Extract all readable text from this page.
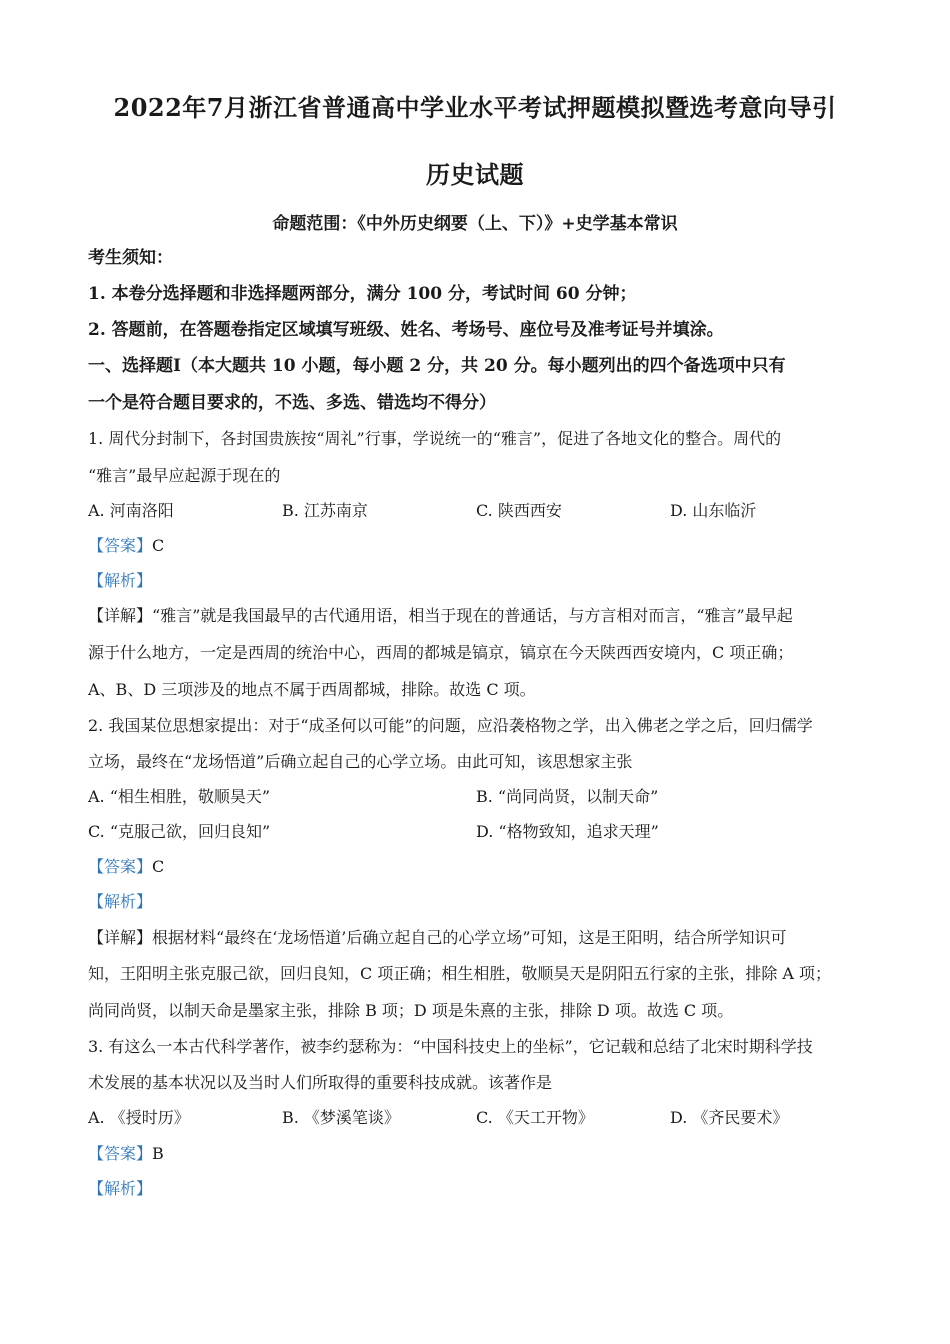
2022年7月浙江省普通高中学业水平考试押题模拟暨选考意向导引
历史试题
命题范围：《中外历史纲要（上、下）》+史学基本常识
考生须知：
1. 本卷分选择题和非选择题两部分，满分 100 分，考试时间 60 分钟；
2. 答题前，在答题卷指定区域填写班级、姓名、考场号、座位号及准考证号并填涂。
一、选择题Ⅰ（本大题共 10 小题，每小题 2 分，共 20 分。每小题列出的四个备选项中只有
一个是符合题目要求的，不选、多选、错选均不得分）
1. 周代分封制下，各封国贵族按“周礼”行事，学说统一的“雅言”，促进了各地文化的整合。周代的
“雅言”最早应起源于现在的
A. 河南洛阳	B. 江苏南京	C. 陕西西安	D. 山东临沂
【答案】C
【解析】
【详解】“雅言”就是我国最早的古代通用语，相当于现在的普通话，与方言相对而言，“雅言”最早起
源于什么地方，一定是西周的统治中心，西周的都城是镐京，镐京在今天陕西西安境内，C 项正确；
A、B、D 三项涉及的地点不属于西周都城，排除。故选 C 项。
2. 我国某位思想家提出：对于“成圣何以可能”的问题，应沿袭格物之学，出入佛老之学之后，回归儒学
立场，最终在“龙场悟道”后确立起自己的心学立场。由此可知，该思想家主张
A. “相生相胜，敬顺昊天”	B. “尚同尚贤，以制天命”
C. “克服己欲，回归良知”	D. “格物致知，追求天理”
【答案】C
【解析】
【详解】根据材料“最终在‘龙场悟道’后确立起自己的心学立场”可知，这是王阳明，结合所学知识可
知，王阳明主张克服己欲，回归良知，C 项正确；相生相胜，敬顺昊天是阴阳五行家的主张，排除 A 项；
尚同尚贤，以制天命是墨家主张，排除 B 项；D 项是朱熹的主张，排除 D 项。故选 C 项。
3. 有这么一本古代科学著作，被李约瑟称为：“中国科技史上的坐标”，它记载和总结了北宋时期科学技
术发展的基本状况以及当时人们所取得的重要科技成就。该著作是
A. 《授时历》	B. 《梦溪笔谈》	C. 《天工开物》	D. 《齐民要术》
【答案】B
【解析】
